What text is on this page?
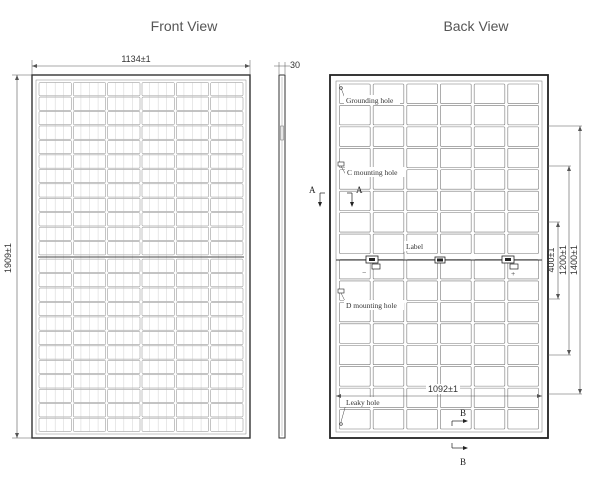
Front View
1134±1
1909±1
30
Back View
−	+
Label
Grounding hole
C mounting hole
D mounting hole
Leaky hole
A	A
B
B
1092±1
400±1 1200±1 1400±1
